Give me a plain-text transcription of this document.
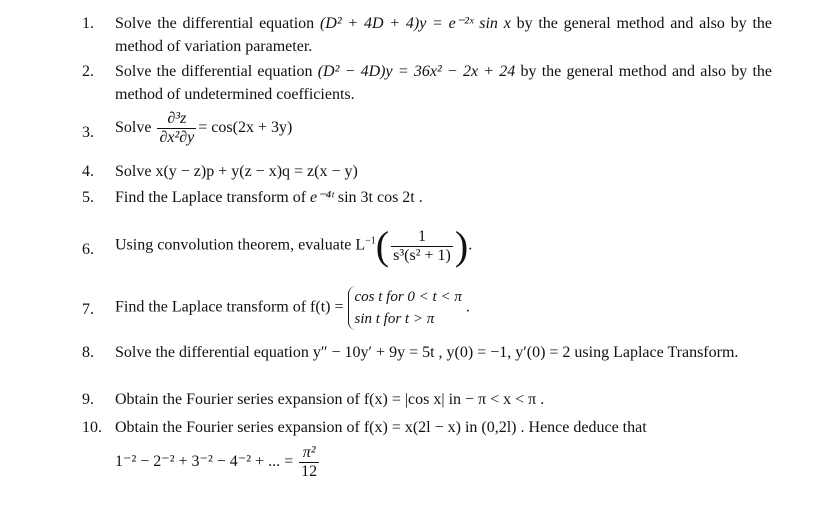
1.	Solve the differential equation (D² + 4D + 4)y = e⁻²ˣ sin x by the general method and also by the method of variation parameter.
2.	Solve the differential equation (D² − 4D)y = 36x² − 2x + 24 by the general method and also by the method of undetermined coefficients.
3.	Solve $\frac{\text{∂³z}}{\text{∂x²∂y}} = \cos(2x + 3y)$
4.	Solve x(y − z)p + y(z − x)q = z(x − y)
5.	Find the Laplace transform of e⁻⁴ᵗ sin 3t cos 2t .
6.	Using convolution theorem, evaluate $L^{-1}( \frac{1}{\text{s³(s² + 1)}}$ ).
7.	Find the Laplace transform of f(t) =
cos t for 0 < t < π
sin t for t > π
.
8.	Solve the differential equation y″ − 10y′ + 9y = 5t , y(0) = −1, y′(0) = 2 using Laplace Transform.
9.	Obtain the Fourier series expansion of f(x) = |cos x| in − π < x < π .
10. Obtain the Fourier series expansion of f(x) = x(2l − x) in (0,2l) . Hence deduce that
1⁻² − 2⁻² + 3⁻² − 4⁻² + ... = $\frac{\text{π²}}{12}$
